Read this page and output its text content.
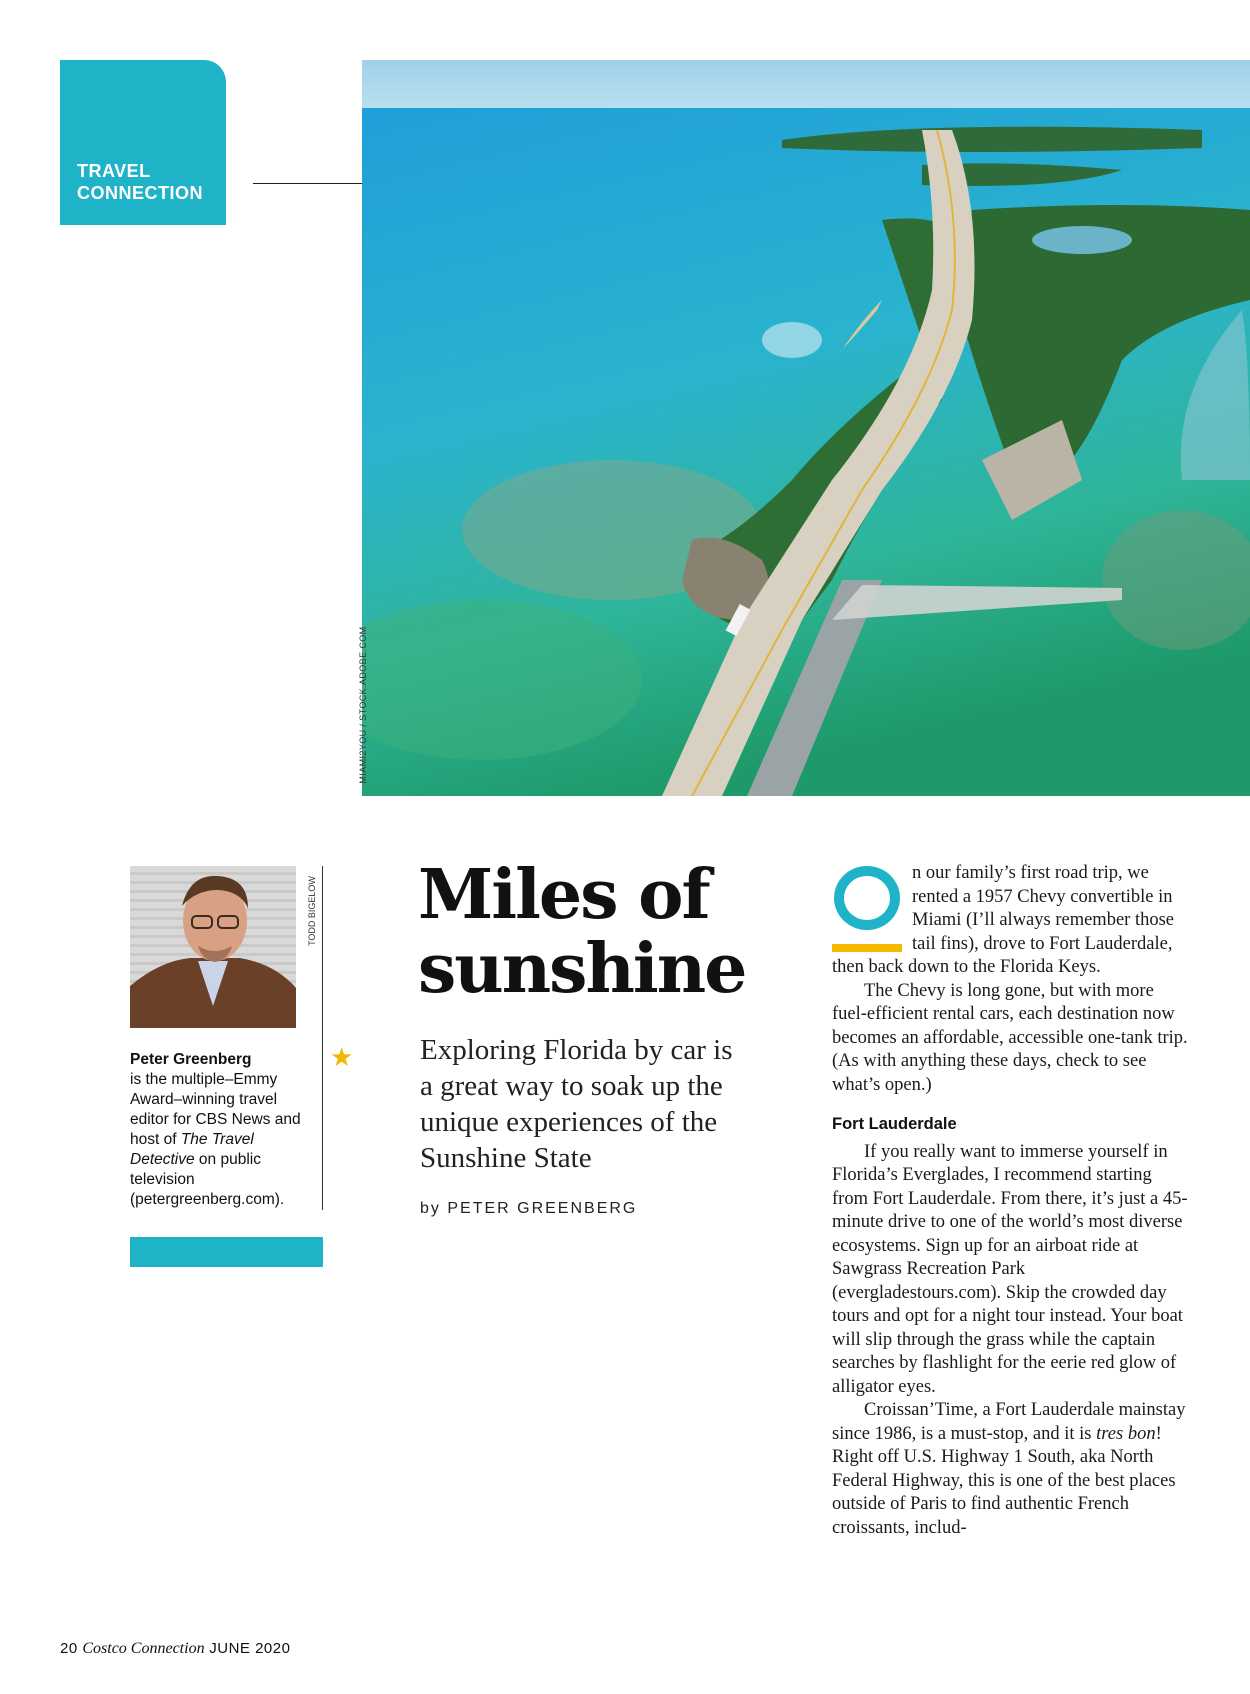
TRAVEL
CONNECTION
MIAMI2YOU / STOCK.ADOBE.COM
TODD BIGELOW
★
Peter Greenberg
is the multiple–Emmy Award–winning travel editor for CBS News and host of The Travel Detective on public television (petergreenberg.com).
Miles of
sunshine
Exploring Florida by car is a great way to soak up the unique experiences of the Sunshine State
by PETER GREENBERG

n our family’s first road trip, we rented a 1957 Chevy convertible in Miami (I’ll always remember those tail fins), drove to Fort Lauderdale, then back down to the Florida Keys.

The Chevy is long gone, but with more fuel-efficient rental cars, each destination now becomes an affordable, accessible one-tank trip. (As with anything these days, check to see what’s open.)

Fort Lauderdale

If you really want to immerse yourself in Florida’s Everglades, I recommend starting from Fort Lauderdale. From there, it’s just a 45-minute drive to one of the world’s most diverse ecosystems. Sign up for an airboat ride at Sawgrass Recreation Park (evergladestours.com). Skip the crowded day tours and opt for a night tour instead. Your boat will slip through the grass while the captain searches by flashlight for the eerie red glow of alligator eyes.

Croissan’Time, a Fort Lauderdale mainstay since 1986, is a must-stop, and it is tres bon! Right off U.S. Highway 1 South, aka North Federal Highway, this is one of the best places outside of Paris to find authentic French croissants, includ-

20 Costco Connection JUNE 2020
